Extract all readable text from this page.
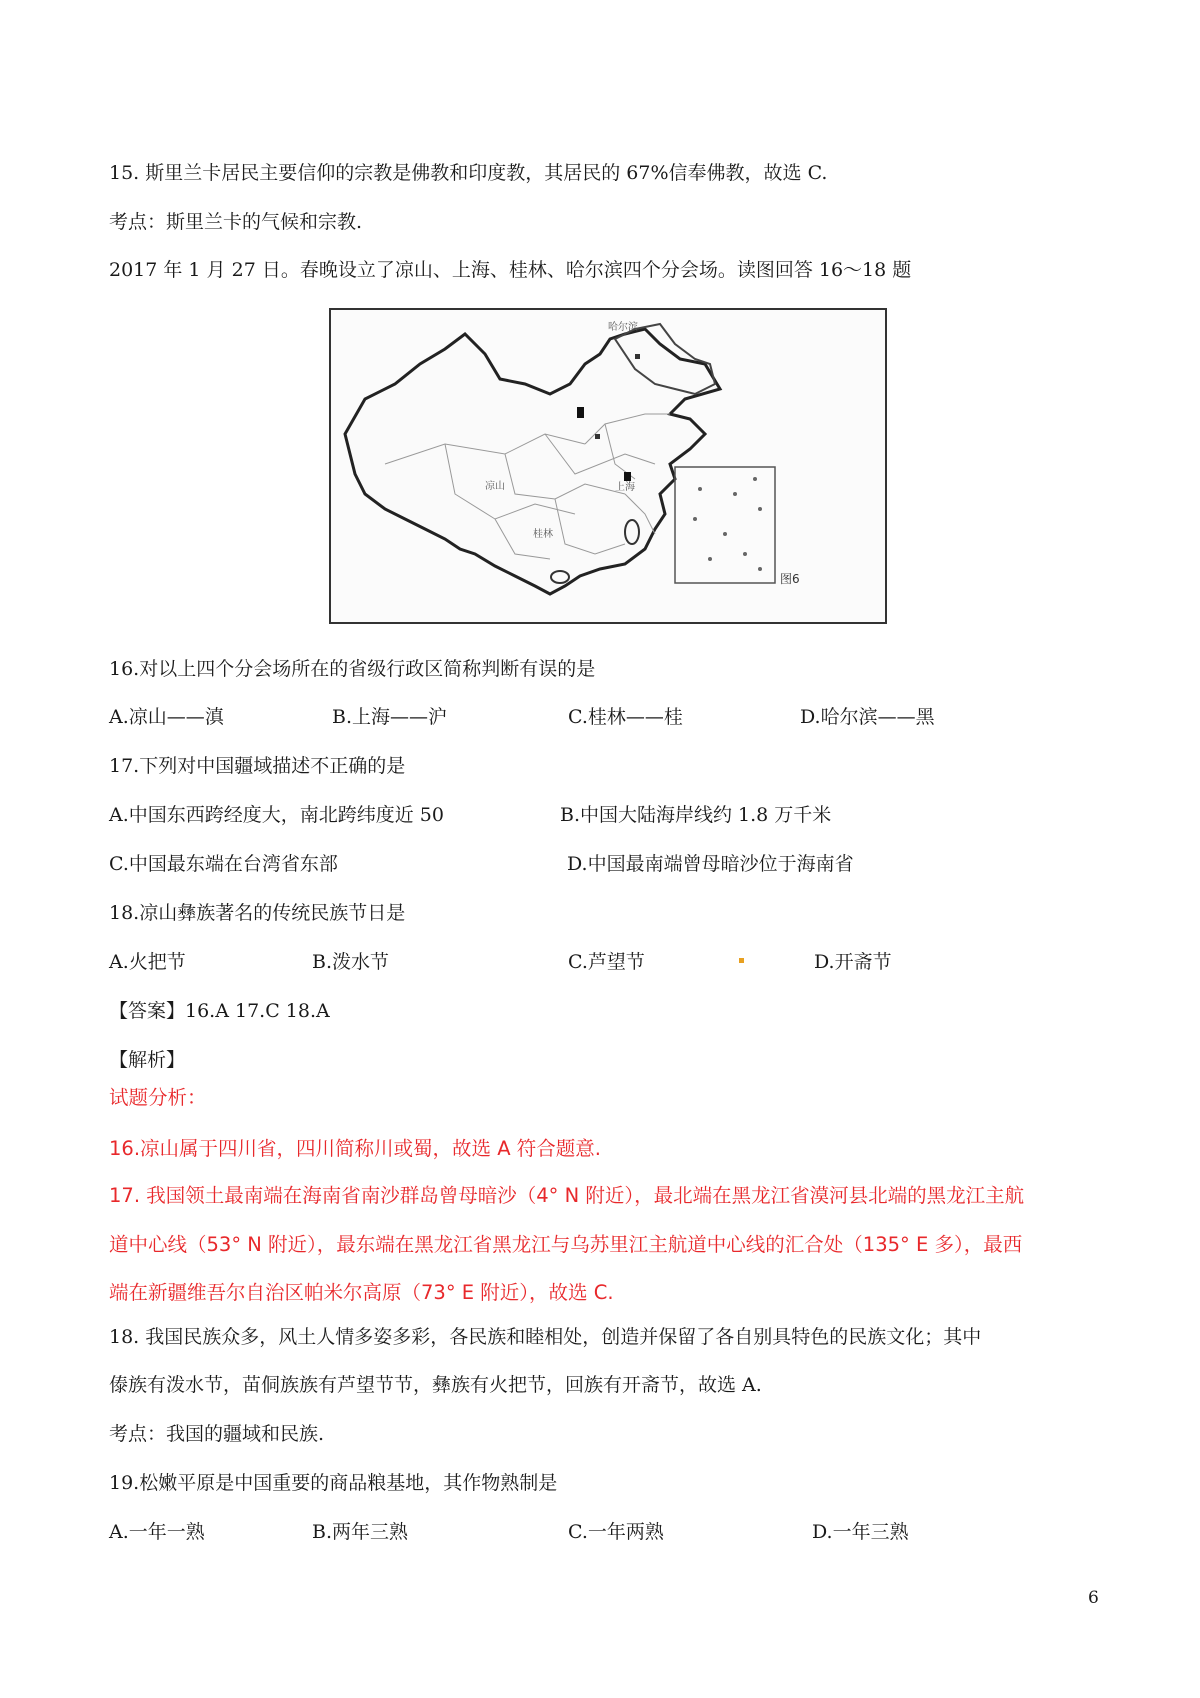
15. 斯里兰卡居民主要信仰的宗教是佛教和印度教，其居民的 67%信奉佛教，故选 C.
考点：斯里兰卡的气候和宗教.
2017 年 1 月 27 日。春晚设立了凉山、上海、桂林、哈尔滨四个分会场。读图回答 16～18 题
哈尔滨
上海
凉山
桂林
图6
16.对以上四个分会场所在的省级行政区简称判断有误的是
A.凉山——滇	B.上海——沪	C.桂林——桂	D.哈尔滨——黑
17.下列对中国疆域描述不正确的是
A.中国东西跨经度大，南北跨纬度近 50	B.中国大陆海岸线约 1.8 万千米
C.中国最东端在台湾省东部	D.中国最南端曾母暗沙位于海南省
18.凉山彝族著名的传统民族节日是
A.火把节	B.泼水节	C.芦望节	D.开斋节
【答案】16.A 17.C 18.A
【解析】
试题分析：
16.凉山属于四川省，四川简称川或蜀，故选 A 符合题意.
17. 我国领土最南端在海南省南沙群岛曾母暗沙（4° N 附近），最北端在黑龙江省漠河县北端的黑龙江主航
道中心线（53° N 附近），最东端在黑龙江省黑龙江与乌苏里江主航道中心线的汇合处（135° E 多），最西
端在新疆维吾尔自治区帕米尔高原（73° E 附近），故选 C.
18. 我国民族众多，风土人情多姿多彩，各民族和睦相处，创造并保留了各自别具特色的民族文化；其中
傣族有泼水节，苗侗族族有芦望节节，彝族有火把节，回族有开斋节，故选 A.
考点：我国的疆域和民族.
19.松嫩平原是中国重要的商品粮基地，其作物熟制是
A.一年一熟	B.两年三熟	C.一年两熟	D.一年三熟
6
